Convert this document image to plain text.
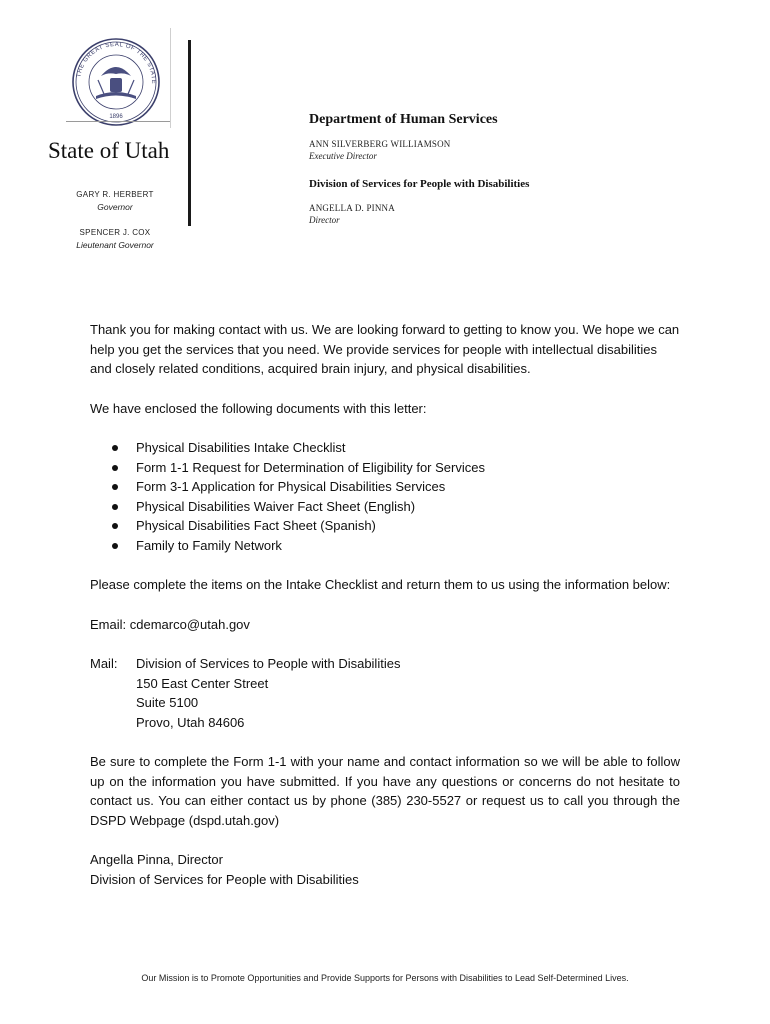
THE GREAT SEAL OF THE STATE
1896
State of Utah
GARY R. HERBERT
Governor
SPENCER J. COX
Lieutenant Governor
Department of Human Services
ANN SILVERBERG WILLIAMSON
Executive Director
Division of Services for People with Disabilities
ANGELLA D. PINNA
Director

Thank you for making contact with us. We are looking forward to getting to know you. We hope we can help you get the services that you need. We provide services for people with intellectual disabilities and closely related conditions, acquired brain injury, and physical disabilities.

We have enclosed the following documents with this letter:

Physical Disabilities Intake Checklist
Form 1-1 Request for Determination of Eligibility for Services
Form 3-1 Application for Physical Disabilities Services
Physical Disabilities Waiver Fact Sheet (English)
Physical Disabilities Fact Sheet (Spanish)
Family to Family Network

Please complete the items on the Intake Checklist and return them to us using the information below:

Email: cdemarco@utah.gov
Mail:	Division of Services to People with Disabilities
150 East Center Street
Suite 5100
Provo, Utah 84606

Be sure to complete the Form 1-1 with your name and contact information so we will be able to follow up on the information you have submitted. If you have any questions or concerns do not hesitate to contact us. You can either contact us by phone (385) 230-5527 or request us to call you through the DSPD Webpage (dspd.utah.gov)

Angella Pinna, Director

Division of Services for People with Disabilities

Our Mission is to Promote Opportunities and Provide Supports for Persons with Disabilities to Lead Self-Determined Lives.
